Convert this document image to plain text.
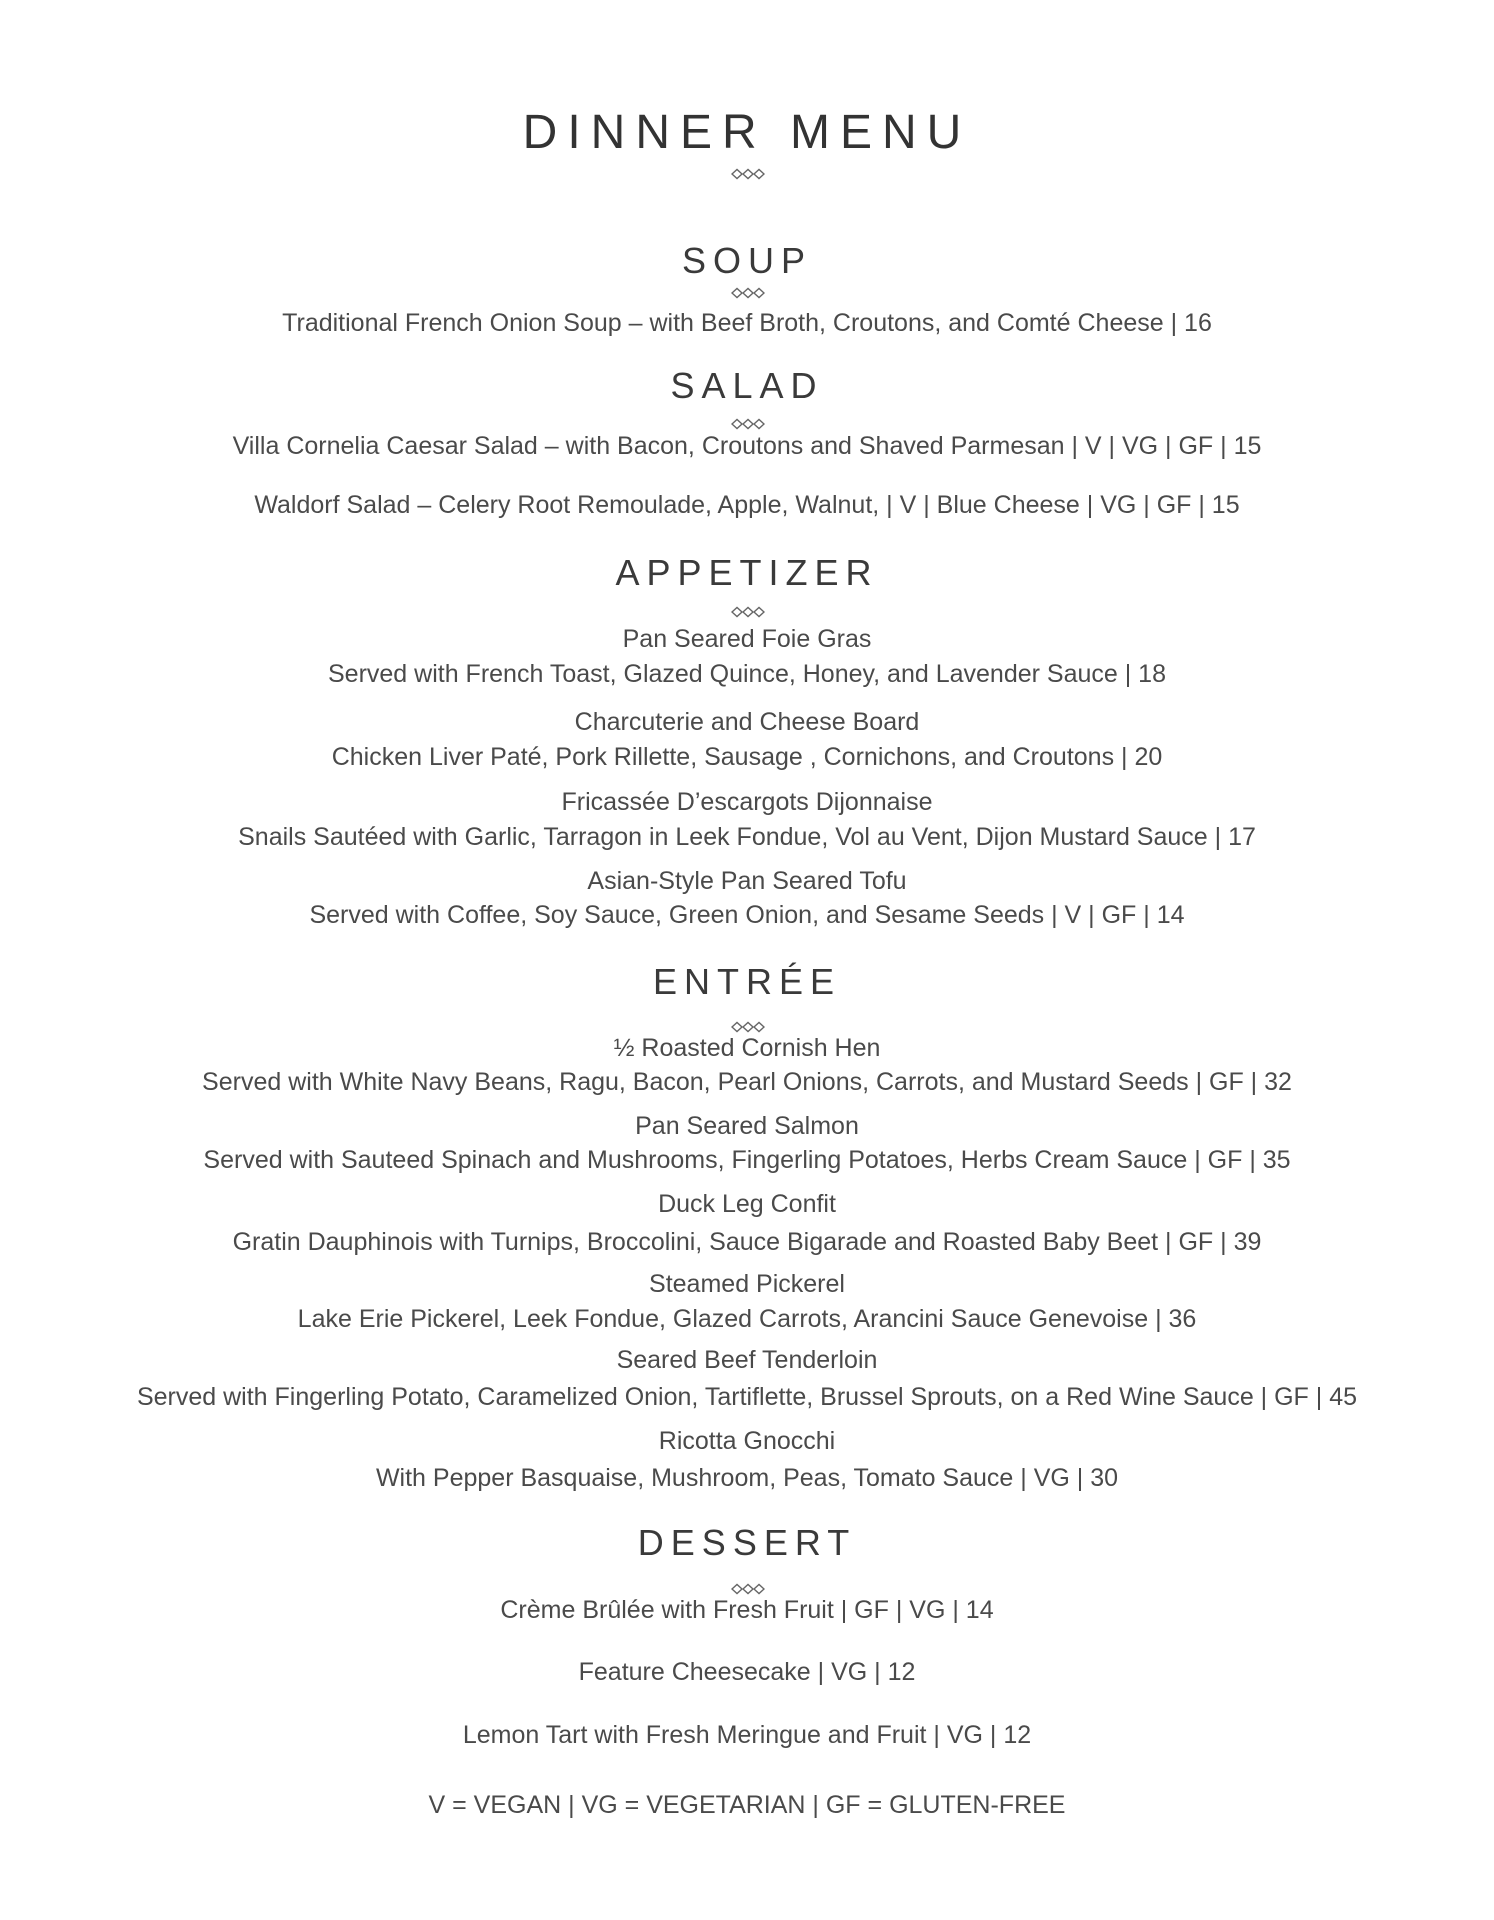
DINNER MENU
SOUP
Traditional French Onion Soup – with Beef Broth, Croutons, and Comté Cheese | 16
SALAD
Villa Cornelia Caesar Salad – with Bacon, Croutons and Shaved Parmesan | V | VG | GF | 15
Waldorf Salad – Celery Root Remoulade, Apple, Walnut, | V | Blue Cheese | VG | GF | 15
APPETIZER
Pan Seared Foie Gras
Served with French Toast, Glazed Quince, Honey, and Lavender Sauce | 18
Charcuterie and Cheese Board
Chicken Liver Paté, Pork Rillette, Sausage , Cornichons, and Croutons | 20
Fricassée D’escargots Dijonnaise
Snails Sautéed with Garlic, Tarragon in Leek Fondue, Vol au Vent, Dijon Mustard Sauce | 17
Asian-Style Pan Seared Tofu
Served with Coffee, Soy Sauce, Green Onion, and Sesame Seeds | V | GF | 14
ENTRÉE
½ Roasted Cornish Hen
Served with White Navy Beans, Ragu, Bacon, Pearl Onions, Carrots, and Mustard Seeds | GF | 32
Pan Seared Salmon
Served with Sauteed Spinach and Mushrooms, Fingerling Potatoes, Herbs Cream Sauce | GF | 35
Duck Leg Confit
Gratin Dauphinois with Turnips, Broccolini, Sauce Bigarade and Roasted Baby Beet | GF | 39
Steamed Pickerel
Lake Erie Pickerel, Leek Fondue, Glazed Carrots, Arancini Sauce Genevoise | 36
Seared Beef Tenderloin
Served with Fingerling Potato, Caramelized Onion, Tartiflette, Brussel Sprouts, on a Red Wine Sauce | GF | 45
Ricotta Gnocchi
With Pepper Basquaise, Mushroom, Peas, Tomato Sauce | VG | 30
DESSERT
Crème Brûlée with Fresh Fruit | GF | VG | 14
Feature Cheesecake | VG | 12
Lemon Tart with Fresh Meringue and Fruit | VG | 12
V = VEGAN | VG = VEGETARIAN | GF = GLUTEN-FREE
